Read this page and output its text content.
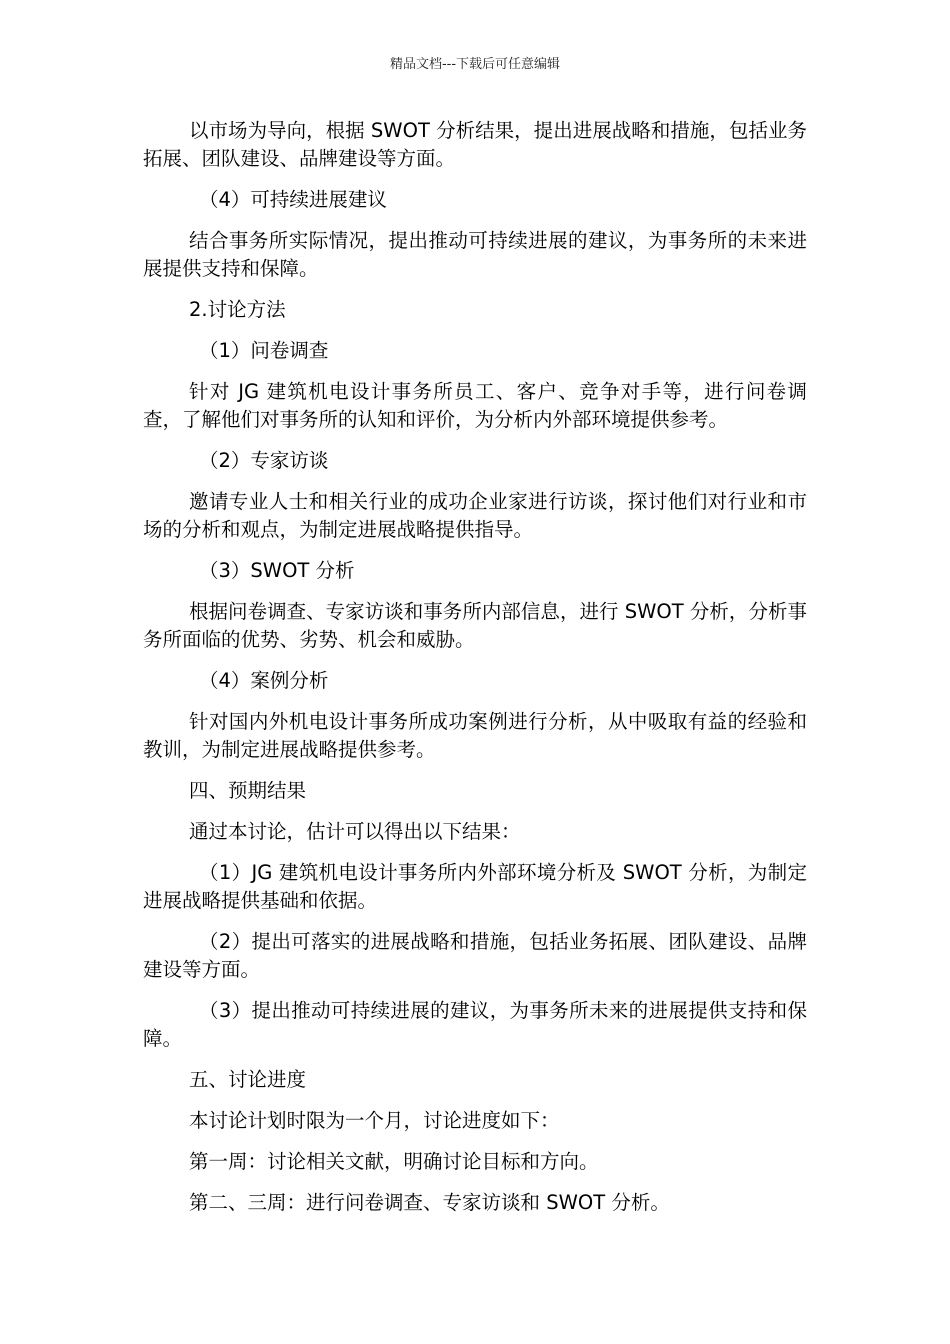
精品文档---下载后可任意编辑

以市场为导向，根据 SWOT 分析结果，提出进展战略和措施，包括业务拓展、团队建设、品牌建设等方面。

（4）可持续进展建议

结合事务所实际情况，提出推动可持续进展的建议，为事务所的未来进展提供支持和保障。

2.讨论方法

（1）问卷调查

针对 JG 建筑机电设计事务所员工、客户、竞争对手等，进行问卷调查，了解他们对事务所的认知和评价，为分析内外部环境提供参考。

（2）专家访谈

邀请专业人士和相关行业的成功企业家进行访谈，探讨他们对行业和市场的分析和观点，为制定进展战略提供指导。

（3）SWOT 分析

根据问卷调查、专家访谈和事务所内部信息，进行 SWOT 分析，分析事务所面临的优势、劣势、机会和威胁。

（4）案例分析

针对国内外机电设计事务所成功案例进行分析，从中吸取有益的经验和教训，为制定进展战略提供参考。

四、预期结果

通过本讨论，估计可以得出以下结果：

（1）JG 建筑机电设计事务所内外部环境分析及 SWOT 分析，为制定进展战略提供基础和依据。

（2）提出可落实的进展战略和措施，包括业务拓展、团队建设、品牌建设等方面。

（3）提出推动可持续进展的建议，为事务所未来的进展提供支持和保障。

五、讨论进度

本讨论计划时限为一个月，讨论进度如下：

第一周：讨论相关文献，明确讨论目标和方向。

第二、三周：进行问卷调查、专家访谈和 SWOT 分析。
